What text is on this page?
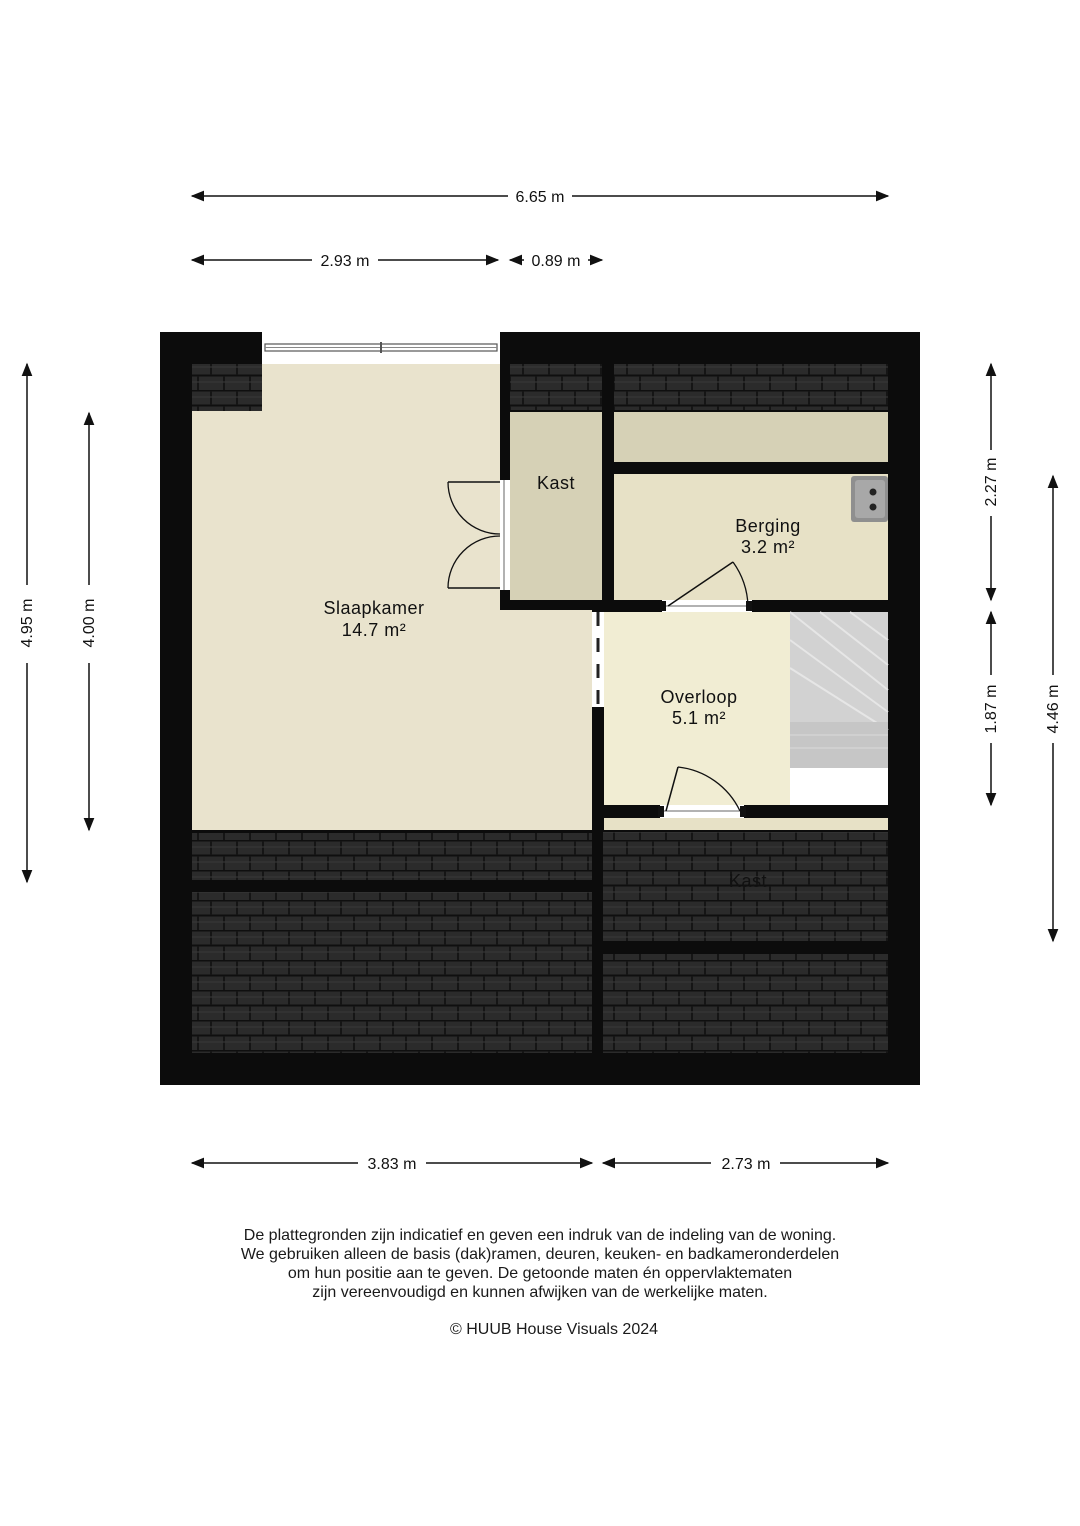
Slaapkamer
14.7 m²
Kast
Berging
3.2 m²
Overloop
5.1 m²
Kast
6.65 m
2.93 m	0.89 m
3.83 m	2.73 m
4.95 m	4.00 m
2.27 m
1.87 m	4.46 m
De plattegronden zijn indicatief en geven een indruk van de indeling van de woning.
We gebruiken alleen de basis (dak)ramen, deuren, keuken- en badkameronderdelen
om hun positie aan te geven. De getoonde maten én oppervlaktematen
zijn vereenvoudigd en kunnen afwijken van de werkelijke maten.
© HUUB House Visuals 2024
